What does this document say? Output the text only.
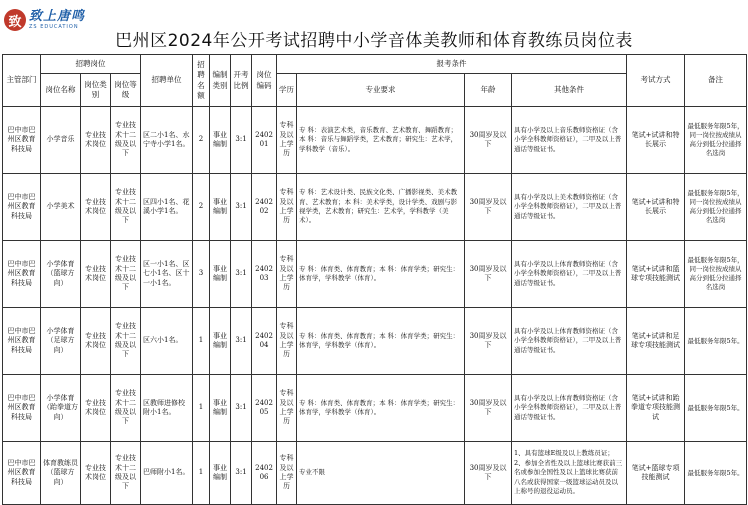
致 致上唐鸣
ZS EDUCATION
巴州区2024年公开考试招聘中小学音体美教师和体育教练员岗位表
主管部门	招聘岗位			招聘单位	招聘名额	编制类别	开考比例	岗位编码	报考条件				考试方式	备注
	岗位名称	岗位类别	岗位等级						学历	专业要求	年龄	其他条件		
巴中市巴州区教育科技局	小学音乐	专业技术岗位	专业技术十二级及以下	区二小1名、水宁寺小学1名。	2	事业编制	3:1	240201	专科及以上学历	专 科：表演艺术类，音乐教育、艺术教育、舞蹈教育；本 科：音乐与舞蹈学类，艺术教育；研究生：艺术学，学科教学（音乐）。	30周岁及以下	具有小学及以上音乐教师资格证（含小学全科教师资格证），二甲及以上普通话等级证书。	笔试+试讲和特长展示	最低服务年限5年，同一岗位按成绩从高分到低分拉通择名选岗
巴中市巴州区教育科技局	小学美术	专业技术岗位	专业技术十二级及以下	区四小1名、花溪小学1名。	2	事业编制	3:1	240202	专科及以上学历	专 科：艺术设计类、民族文化类、广播影视类、美术教育、艺术教育；本 科：美术学类，设计学类、戏剧与影视学类，艺术教育；研究生：艺术学，学科教学（美术）。	30周岁及以下	具有小学及以上美术教师资格证（含小学全科教师资格证），二甲及以上普通话等级证书。	笔试+试讲和特长展示	最低服务年限5年，同一岗位按成绩从高分到低分拉通择名选岗
巴中市巴州区教育科技局	小学体育（篮球方向）	专业技术岗位	专业技术十二级及以下	区一小1名、区七小1名、区十一小1名。	3	事业编制	3:1	240203	专科及以上学历	专 科：体育类、体育教育；本 科：体育学类；研究生：体育学，学科教学（体育）。	30周岁及以下	具有小学及以上体育教师资格证（含小学全科教师资格证），二甲及以上普通话等级证书。	笔试+试讲和篮球专项技能测试	最低服务年限5年，同一岗位按成绩从高分到低分拉通择名选岗
巴中市巴州区教育科技局	小学体育（足球方向）	专业技术岗位	专业技术十二级及以下	区六小1名。	1	事业编制	3:1	240204	专科及以上学历	专 科：体育类、体育教育；本 科：体育学类；研究生：体育学，学科教学（体育）。	30周岁及以下	具有小学及以上体育教师资格证（含小学全科教师资格证），二甲及以上普通话等级证书。	笔试+试讲和足球专项技能测试	最低服务年限5年。
巴中市巴州区教育科技局	小学体育（跆拳道方向）	专业技术岗位	专业技术十二级及以下	区教师进修校附小1名。	1	事业编制	3:1	240205	专科及以上学历	专 科：体育类、体育教育；本 科：体育学类；研究生：体育学，学科教学（体育）。	30周岁及以下	具有小学及以上体育教师资格证（含小学全科教师资格证），二甲及以上普通话等级证书。	笔试+试讲和跆拳道专项技能测试	最低服务年限5年。
巴中市巴州区教育科技局	体育教练员（篮球方向）	专业技术岗位	专业技术十二级及以下	巴师附小1名。	1	事业编制	3:1	240206	专科及以上学历	专业不限	30周岁及以下	1、具有篮球E级及以上教练员证；2、参加全省性及以上篮球比赛获前三名或参加全国性及以上篮球比赛获前八名或获得国家一级篮球运动员及以上称号的退役运动员。	笔试+篮球专项技能测试	最低服务年限5年。
